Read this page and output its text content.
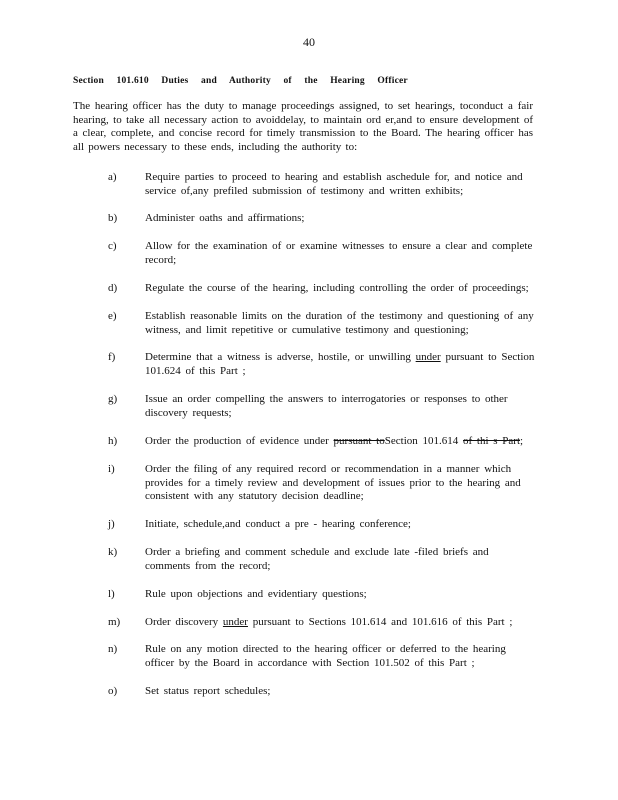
40
Section 101.610 Duties and Authority of the Hearing Officer
The hearing officer has the duty to manage proceedings assigned, to set hearings, toconduct a fair hearing, to take all necessary action to avoiddelay, to maintain ord er,and to ensure development of a clear, complete, and concise record for timely transmission to the Board. The hearing officer has all powers necessary to these ends, including the authority to:
a)	Require parties to proceed to hearing and establish aschedule for, and notice and service of,any prefiled submission of testimony and written exhibits;
b)	Administer oaths and affirmations;
c)	Allow for the examination of or examine witnesses to ensure a clear and complete record;
d)	Regulate the course of the hearing, including controlling the order of proceedings;
e)	Establish reasonable limits on the duration of the testimony and questioning of any witness, and limit repetitive or cumulative testimony and questioning;
f)	Determine that a witness is adverse, hostile, or unwilling under pursuant to Section 101.624 of this Part ;
g)	Issue an order compelling the answers to interrogatories or responses to other discovery requests;
h)	Order the production of evidence under pursuant toSection 101.614 of thi s Part;
i)	Order the filing of any required record or recommendation in a manner which provides for a timely review and development of issues prior to the hearing and consistent with any statutory decision deadline;
j)	Initiate, schedule,and conduct a pre - hearing conference;
k)	Order a briefing and comment schedule and exclude late -filed briefs and comments from the record;
l)	Rule upon objections and evidentiary questions;
m)	Order discovery under pursuant to Sections 101.614 and 101.616 of this Part ;
n)	Rule on any motion directed to the hearing officer or deferred to the hearing officer by the Board in accordance with Section 101.502 of this Part ;
o)	Set status report schedules;
